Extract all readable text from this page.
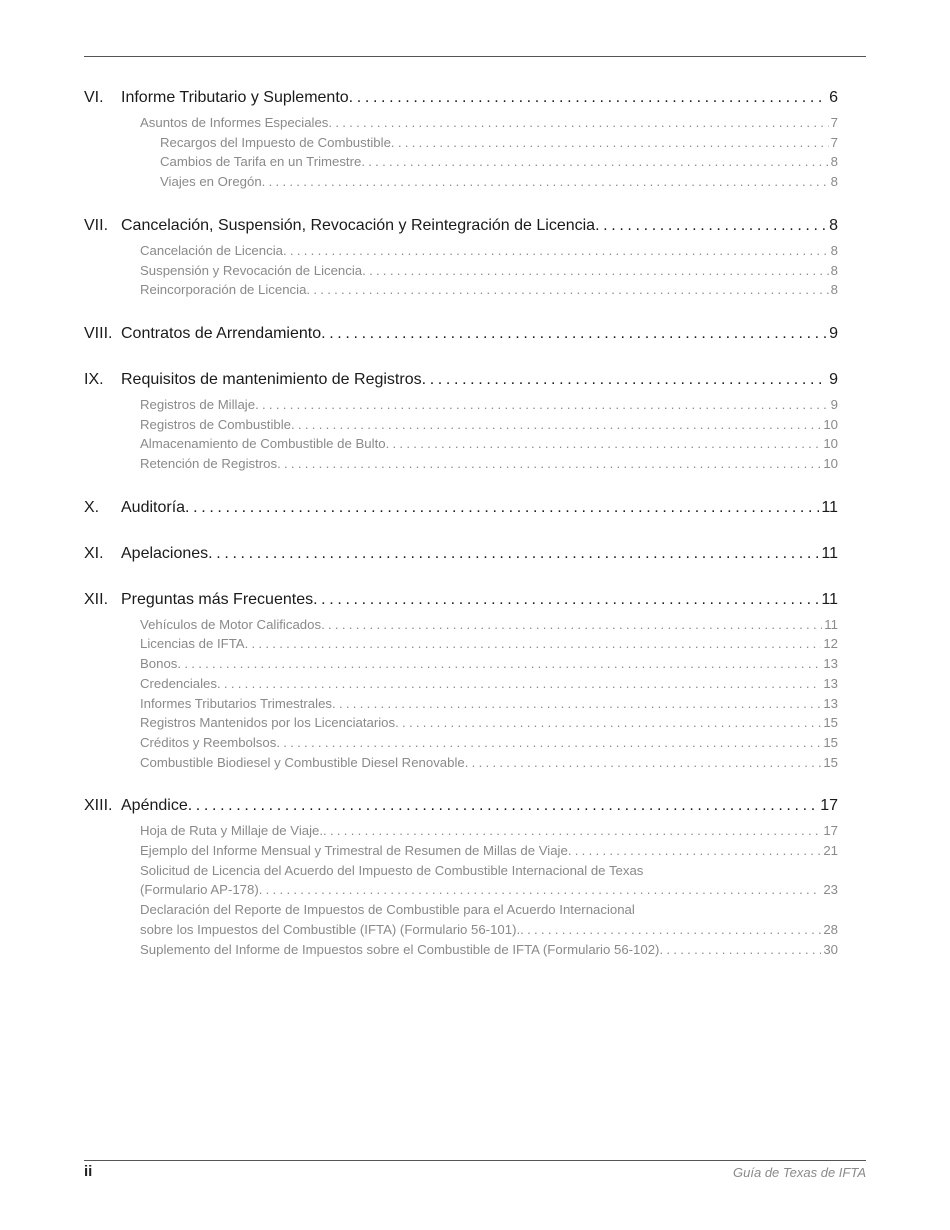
VI.	Informe Tributario y Suplemento . . .	6
Asuntos de Informes Especiales . . .	7
Recargos del Impuesto de Combustible . . .	7
Cambios de Tarifa en un Trimestre . . .	8
Viajes en Oregón . . .	8
VII. Cancelación, Suspensión, Revocación y Reintegración de Licencia . . .	8
Cancelación de Licencia . . .	8
Suspensión y Revocación de Licencia . . .	8
Reincorporación de Licencia . . .	8
VIII. Contratos de Arrendamiento . . .	9
IX.	Requisitos de mantenimiento de Registros . . .	9
Registros de Millaje . . .	9
Registros de Combustible . . .	10
Almacenamiento de Combustible de Bulto . . .	10
Retención de Registros . . .	10
X.	Auditoría . . .	11
XI.	Apelaciones . . .	11
XII. Preguntas más Frecuentes . . .	11
Vehículos de Motor Calificados . . .	11
Licencias de IFTA . . .	12
Bonos . . .	13
Credenciales . . .	13
Informes Tributarios Trimestrales . . .	13
Registros Mantenidos por los Licenciatarios . . .	15
Créditos y Reembolsos . . .	15
Combustible Biodiesel y Combustible Diesel Renovable . . .	15
XIII. Apéndice . . .	17
Hoja de Ruta y Millaje de Viaje. . . .	17
Ejemplo del Informe Mensual y Trimestral de Resumen de Millas de Viaje . . .	21
Solicitud de Licencia del Acuerdo del Impuesto de Combustible Internacional de Texas
(Formulario AP-178) . . .	23
Declaración del Reporte de Impuestos de Combustible para el Acuerdo Internacional
sobre los Impuestos del Combustible (IFTA) (Formulario 56-101). . . .	28
Suplemento del Informe de Impuestos sobre el Combustible de IFTA (Formulario 56-102) . . .	30
ii	Guía de Texas de IFTA
